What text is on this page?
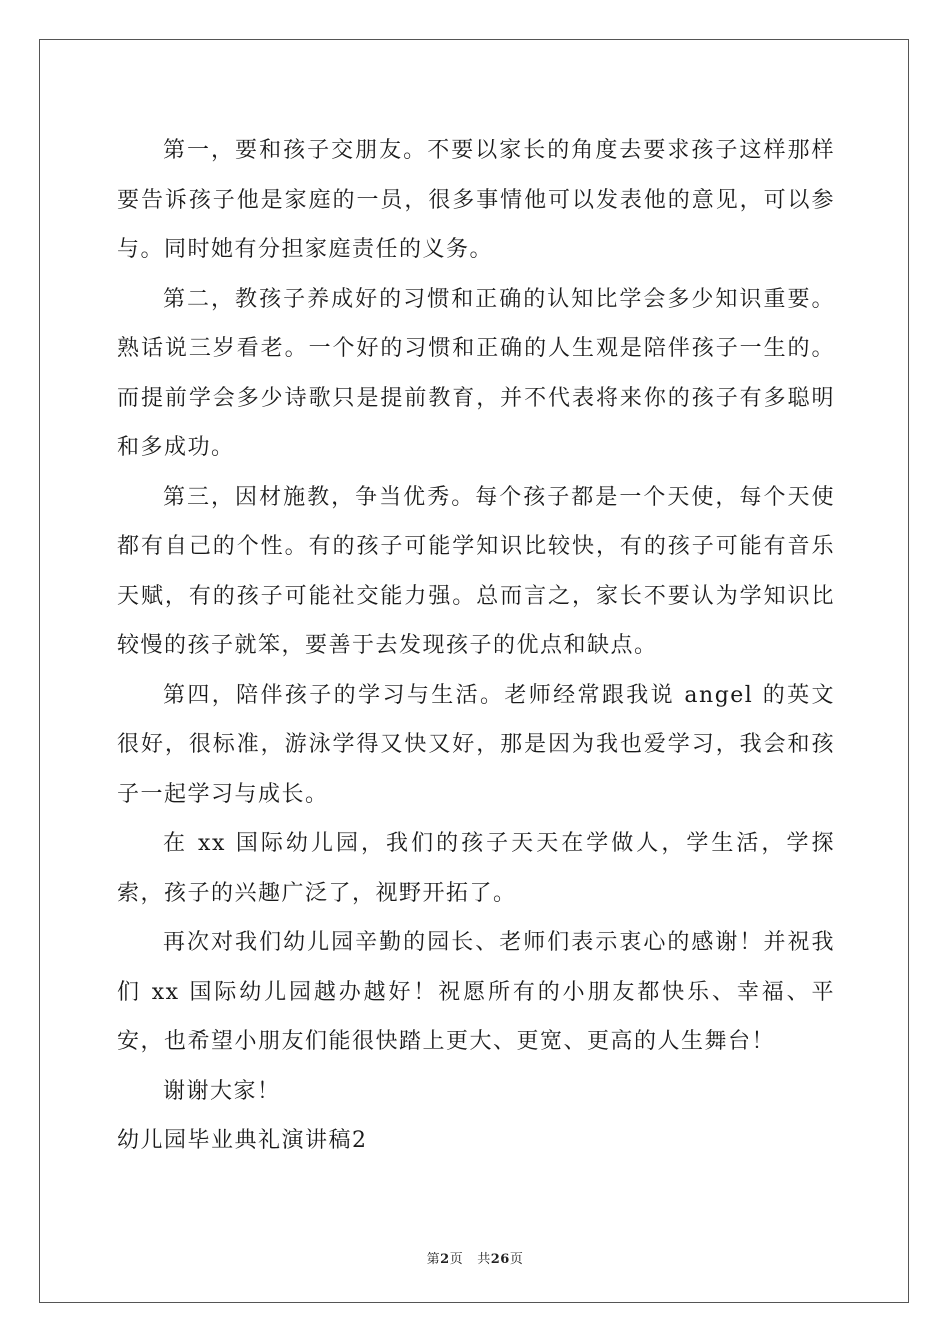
第一，要和孩子交朋友。不要以家长的角度去要求孩子这样那样要告诉孩子他是家庭的一员，很多事情他可以发表他的意见，可以参与。同时她有分担家庭责任的义务。

第二，教孩子养成好的习惯和正确的认知比学会多少知识重要。熟话说三岁看老。一个好的习惯和正确的人生观是陪伴孩子一生的。而提前学会多少诗歌只是提前教育，并不代表将来你的孩子有多聪明和多成功。

第三，因材施教，争当优秀。每个孩子都是一个天使，每个天使都有自己的个性。有的孩子可能学知识比较快，有的孩子可能有音乐天赋，有的孩子可能社交能力强。总而言之，家长不要认为学知识比较慢的孩子就笨，要善于去发现孩子的优点和缺点。

第四，陪伴孩子的学习与生活。老师经常跟我说 angel 的英文很好，很标准，游泳学得又快又好，那是因为我也爱学习，我会和孩子一起学习与成长。

在 xx 国际幼儿园，我们的孩子天天在学做人，学生活，学探索，孩子的兴趣广泛了，视野开拓了。

再次对我们幼儿园辛勤的园长、老师们表示衷心的感谢！并祝我们 xx 国际幼儿园越办越好！祝愿所有的小朋友都快乐、幸福、平安，也希望小朋友们能很快踏上更大、更宽、更高的人生舞台！

谢谢大家！

幼儿园毕业典礼演讲稿2

第2页 共26页
